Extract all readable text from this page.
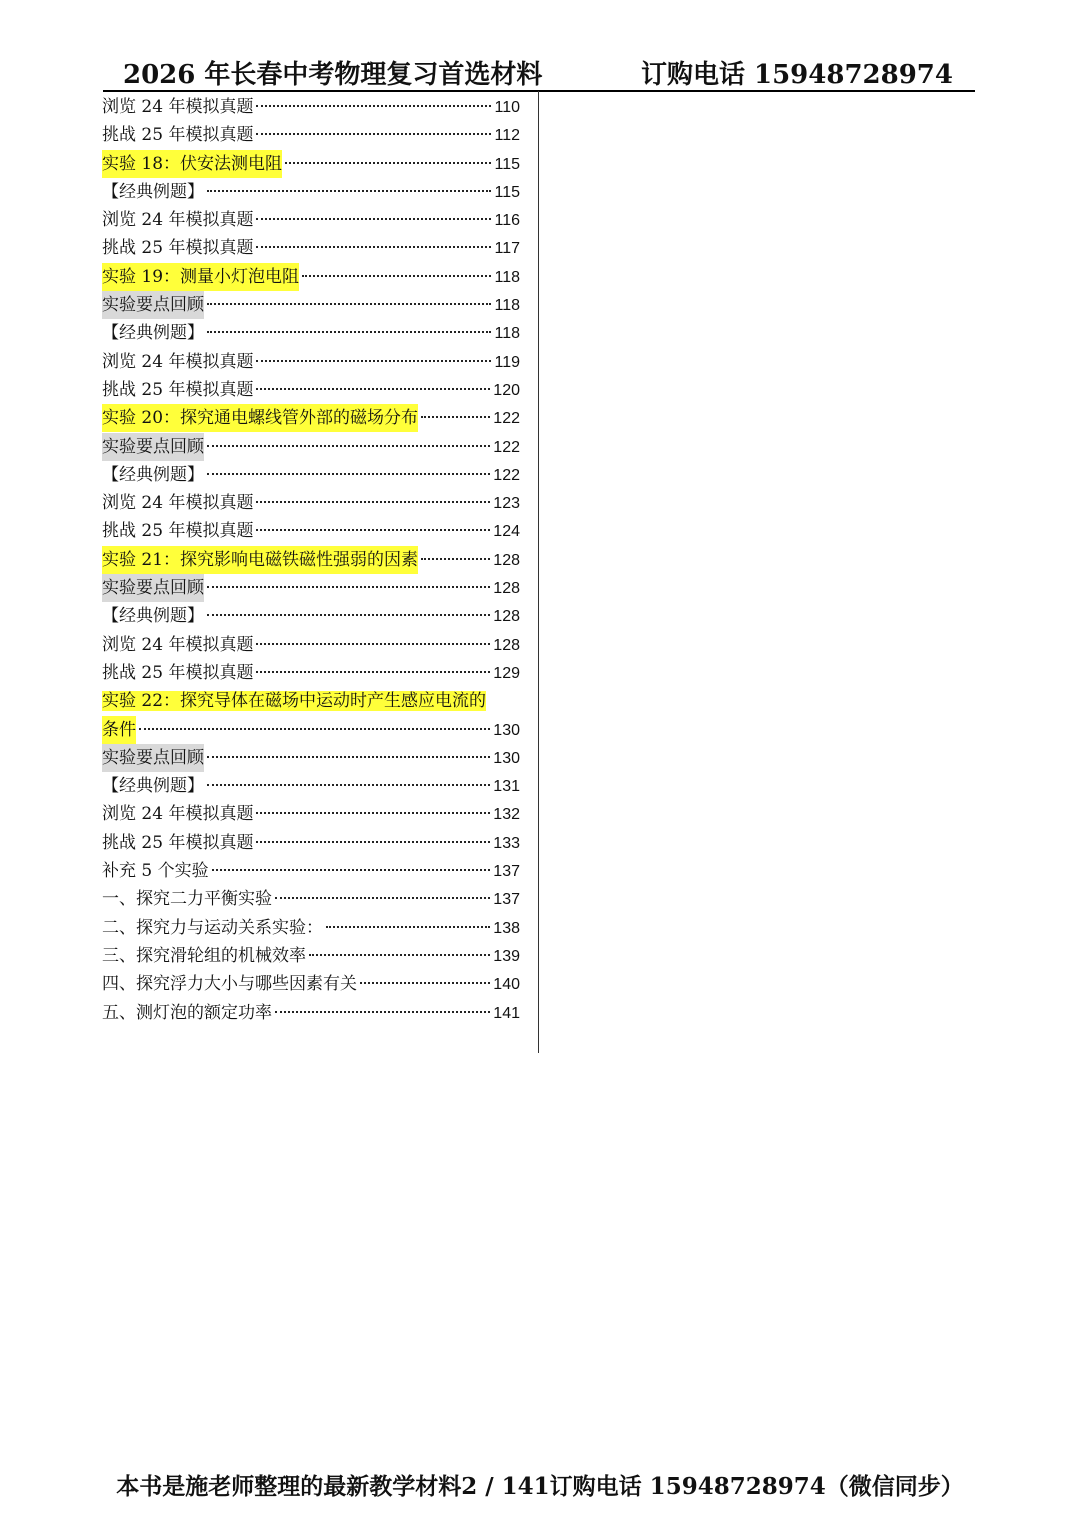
2026 年长春中考物理复习首选材料	订购电话 15948728974
浏览 24 年模拟真题	110
挑战 25 年模拟真题	112
实验 18：伏安法测电阻	115
【经典例题】	115
浏览 24 年模拟真题	116
挑战 25 年模拟真题	117
实验 19：测量小灯泡电阻	118
实验要点回顾	118
【经典例题】	118
浏览 24 年模拟真题	119
挑战 25 年模拟真题	120
实验 20：探究通电螺线管外部的磁场分布	122
实验要点回顾	122
【经典例题】	122
浏览 24 年模拟真题	123
挑战 25 年模拟真题	124
实验 21：探究影响电磁铁磁性强弱的因素	128
实验要点回顾	128
【经典例题】	128
浏览 24 年模拟真题	128
挑战 25 年模拟真题	129
实验 22：探究导体在磁场中运动时产生感应电流的
条件	130
实验要点回顾	130
【经典例题】	131
浏览 24 年模拟真题	132
挑战 25 年模拟真题	133
补充 5 个实验	137
一、探究二力平衡实验	137
二、探究力与运动关系实验：	138
三、探究滑轮组的机械效率	139
四、探究浮力大小与哪些因素有关	140
五、测灯泡的额定功率	141
本书是施老师整理的最新教学材料2 / 141订购电话 15948728974（微信同步）
